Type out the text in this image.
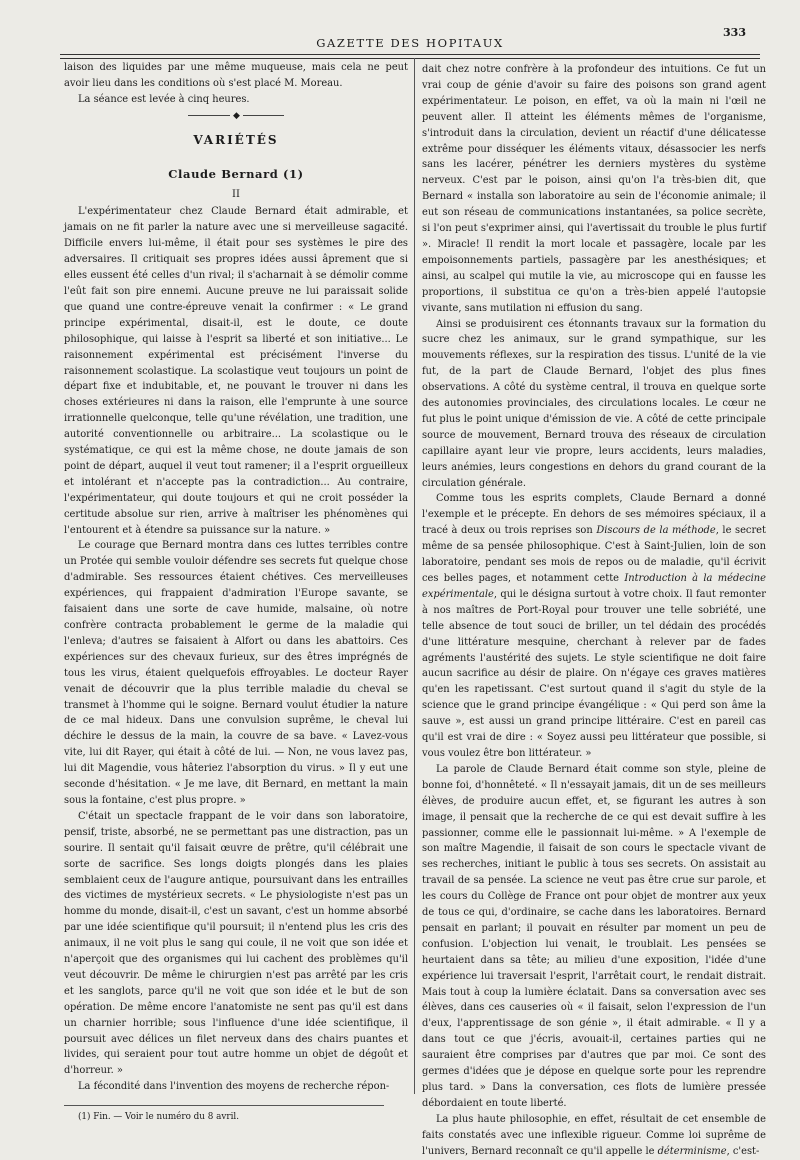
GAZETTE DES HOPITAUX
333

laison des liquides par une même muqueuse, mais cela ne peut avoir lieu dans les conditions où s'est placé M. Moreau.

La séance est levée à cinq heures.

◆
VARIÉTÉS
Claude Bernard (1)
II

L'expérimentateur chez Claude Bernard était admirable, et jamais on ne fit parler la nature avec une si merveilleuse sagacité. Difficile envers lui-même, il était pour ses systèmes le pire des adversaires. Il critiquait ses propres idées aussi âprement que si elles eussent été celles d'un rival; il s'acharnait à se démolir comme l'eût fait son pire ennemi. Aucune preuve ne lui paraissait solide que quand une contre-épreuve venait la confirmer : « Le grand principe expérimental, disait-il, est le doute, ce doute philosophique, qui laisse à l'esprit sa liberté et son initiative... Le raisonnement expérimental est précisément l'inverse du raisonnement scolastique. La scolastique veut toujours un point de départ fixe et indubitable, et, ne pouvant le trouver ni dans les choses extérieures ni dans la raison, elle l'emprunte à une source irrationnelle quelconque, telle qu'une révélation, une tradition, une autorité conventionnelle ou arbitraire... La scolastique ou le systématique, ce qui est la même chose, ne doute jamais de son point de départ, auquel il veut tout ramener; il a l'esprit orgueilleux et intolérant et n'accepte pas la contradiction... Au contraire, l'expérimentateur, qui doute toujours et qui ne croit posséder la certitude absolue sur rien, arrive à maîtriser les phénomènes qui l'entourent et à étendre sa puissance sur la nature. »

Le courage que Bernard montra dans ces luttes terribles contre un Protée qui semble vouloir défendre ses secrets fut quelque chose d'admirable. Ses ressources étaient chétives. Ces merveilleuses expériences, qui frappaient d'admiration l'Europe savante, se faisaient dans une sorte de cave humide, malsaine, où notre confrère contracta probablement le germe de la maladie qui l'enleva; d'autres se faisaient à Alfort ou dans les abattoirs. Ces expériences sur des chevaux furieux, sur des êtres imprégnés de tous les virus, étaient quelquefois effroyables. Le docteur Rayer venait de découvrir que la plus terrible maladie du cheval se transmet à l'homme qui le soigne. Bernard voulut étudier la nature de ce mal hideux. Dans une convulsion suprême, le cheval lui déchire le dessus de la main, la couvre de sa bave. « Lavez-vous vite, lui dit Rayer, qui était à côté de lui. — Non, ne vous lavez pas, lui dit Magendie, vous hâteriez l'absorption du virus. » Il y eut une seconde d'hésitation. « Je me lave, dit Bernard, en mettant la main sous la fontaine, c'est plus propre. »

C'était un spectacle frappant de le voir dans son laboratoire, pensif, triste, absorbé, ne se permettant pas une distraction, pas un sourire. Il sentait qu'il faisait œuvre de prêtre, qu'il célébrait une sorte de sacrifice. Ses longs doigts plongés dans les plaies semblaient ceux de l'augure antique, poursuivant dans les entrailles des victimes de mystérieux secrets. « Le physiologiste n'est pas un homme du monde, disait-il, c'est un savant, c'est un homme absorbé par une idée scientifique qu'il poursuit; il n'entend plus les cris des animaux, il ne voit plus le sang qui coule, il ne voit que son idée et n'aperçoit que des organismes qui lui cachent des problèmes qu'il veut découvrir. De même le chirurgien n'est pas arrêté par les cris et les sanglots, parce qu'il ne voit que son idée et le but de son opération. De même encore l'anatomiste ne sent pas qu'il est dans un charnier horrible; sous l'influence d'une idée scientifique, il poursuit avec délices un filet nerveux dans des chairs puantes et livides, qui seraient pour tout autre homme un objet de dégoût et d'horreur. »

La fécondité dans l'invention des moyens de recherche répon-

(1) Fin. — Voir le numéro du 8 avril.

dait chez notre confrère à la profondeur des intuitions. Ce fut un vrai coup de génie d'avoir su faire des poisons son grand agent expérimentateur. Le poison, en effet, va où la main ni l'œil ne peuvent aller. Il atteint les éléments mêmes de l'organisme, s'introduit dans la circulation, devient un réactif d'une délicatesse extrême pour disséquer les éléments vitaux, désassocier les nerfs sans les lacérer, pénétrer les derniers mystères du système nerveux. C'est par le poison, ainsi qu'on l'a très-bien dit, que Bernard « installa son laboratoire au sein de l'économie animale; il eut son réseau de communications instantanées, sa police secrète, si l'on peut s'exprimer ainsi, qui l'avertissait du trouble le plus furtif ». Miracle! Il rendit la mort locale et passagère, locale par les empoisonnements partiels, passagère par les anesthésiques; et ainsi, au scalpel qui mutile la vie, au microscope qui en fausse les proportions, il substitua ce qu'on a très-bien appelé l'autopsie vivante, sans mutilation ni effusion du sang.

Ainsi se produisirent ces étonnants travaux sur la formation du sucre chez les animaux, sur le grand sympathique, sur les mouvements réflexes, sur la respiration des tissus. L'unité de la vie fut, de la part de Claude Bernard, l'objet des plus fines observations. A côté du système central, il trouva en quelque sorte des autonomies provinciales, des circulations locales. Le cœur ne fut plus le point unique d'émission de vie. A côté de cette principale source de mouvement, Bernard trouva des réseaux de circulation capillaire ayant leur vie propre, leurs accidents, leurs maladies, leurs anémies, leurs congestions en dehors du grand courant de la circulation générale.

Comme tous les esprits complets, Claude Bernard a donné l'exemple et le précepte. En dehors de ses mémoires spéciaux, il a tracé à deux ou trois reprises son Discours de la méthode, le secret même de sa pensée philosophique. C'est à Saint-Julien, loin de son laboratoire, pendant ses mois de repos ou de maladie, qu'il écrivit ces belles pages, et notamment cette Introduction à la médecine expérimentale, qui le désigna surtout à votre choix. Il faut remonter à nos maîtres de Port-Royal pour trouver une telle sobriété, une telle absence de tout souci de briller, un tel dédain des procédés d'une littérature mesquine, cherchant à relever par de fades agréments l'austérité des sujets. Le style scientifique ne doit faire aucun sacrifice au désir de plaire. On n'égaye ces graves matières qu'en les rapetissant. C'est surtout quand il s'agit du style de la science que le grand principe évangélique : « Qui perd son âme la sauve », est aussi un grand principe littéraire. C'est en pareil cas qu'il est vrai de dire : « Soyez aussi peu littérateur que possible, si vous voulez être bon littérateur. »

La parole de Claude Bernard était comme son style, pleine de bonne foi, d'honnêteté. « Il n'essayait jamais, dit un de ses meilleurs élèves, de produire aucun effet, et, se figurant les autres à son image, il pensait que la recherche de ce qui est devait suffire à les passionner, comme elle le passionnait lui-même. » A l'exemple de son maître Magendie, il faisait de son cours le spectacle vivant de ses recherches, initiant le public à tous ses secrets. On assistait au travail de sa pensée. La science ne veut pas être crue sur parole, et les cours du Collège de France ont pour objet de montrer aux yeux de tous ce qui, d'ordinaire, se cache dans les laboratoires. Bernard pensait en parlant; il pouvait en résulter par moment un peu de confusion. L'objection lui venait, le troublait. Les pensées se heurtaient dans sa tête; au milieu d'une exposition, l'idée d'une expérience lui traversait l'esprit, l'arrêtait court, le rendait distrait. Mais tout à coup la lumière éclatait. Dans sa conversation avec ses élèves, dans ces causeries où « il faisait, selon l'expression de l'un d'eux, l'apprentissage de son génie », il était admirable. « Il y a dans tout ce que j'écris, avouait-il, certaines parties qui ne sauraient être comprises par d'autres que par moi. Ce sont des germes d'idées que je dépose en quelque sorte pour les reprendre plus tard. » Dans la conversation, ces flots de lumière pressée débordaient en toute liberté.

La plus haute philosophie, en effet, résultait de cet ensemble de faits constatés avec une inflexible rigueur. Comme loi suprême de l'univers, Bernard reconnaît ce qu'il appelle le déterminisme, c'est-
